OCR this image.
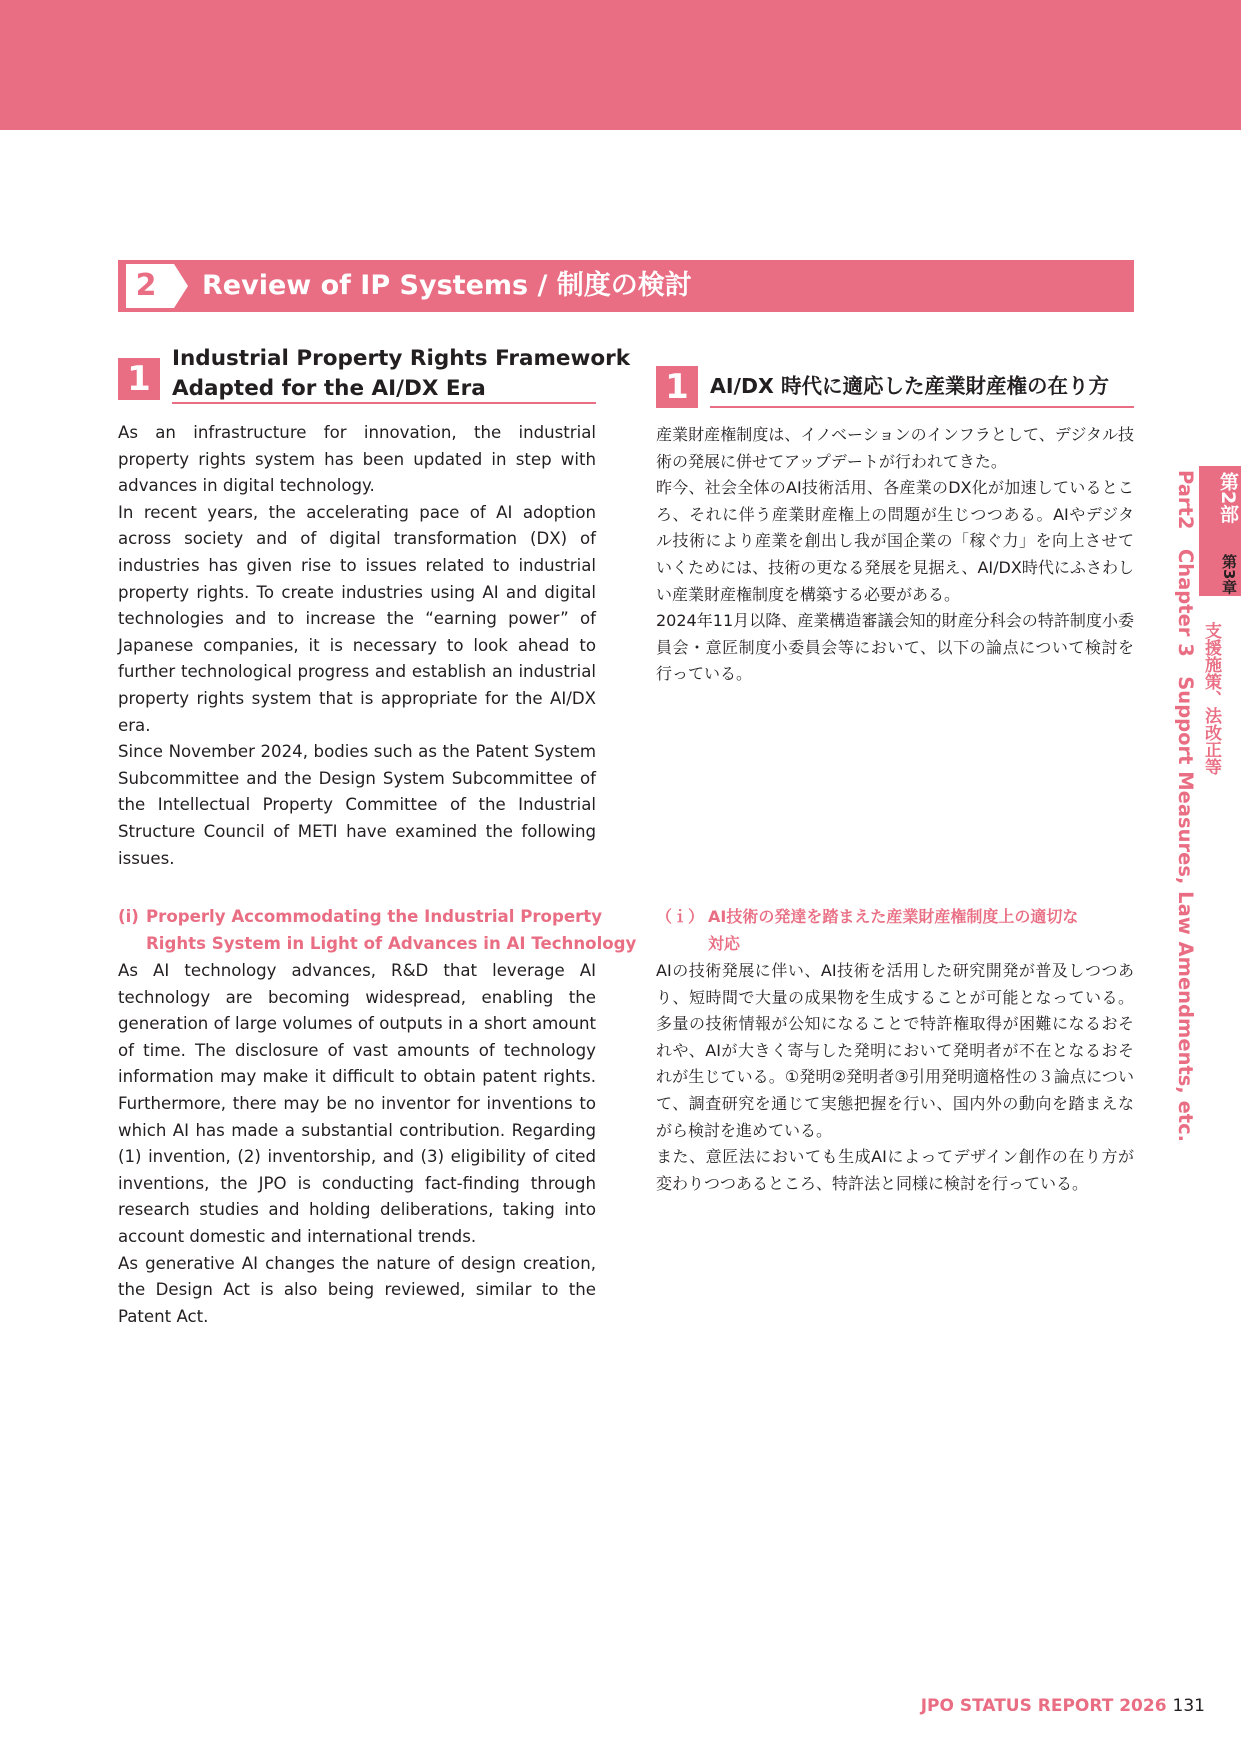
2	Review of IP Systems / 制度の検討
1
Industrial Property Rights Framework
Adapted for the AI/DX Era

As an infrastructure for innovation, the industrial property rights system has been updated in step with advances in digital technology.

In recent years, the accelerating pace of AI adoption across society and of digital transformation (DX) of industries has given rise to issues related to industrial property rights. To create industries using AI and digital technologies and to increase the “earning power” of Japanese companies, it is necessary to look ahead to further technological progress and establish an industrial property rights system that is appropriate for the AI/DX era.

Since November 2024, bodies such as the Patent System Subcommittee and the Design System Subcommittee of the Intellectual Property Committee of the Industrial Structure Council of METI have examined the following issues.

(i) Properly Accommodating the Industrial Property
Rights System in Light of Advances in AI Technology

As AI technology advances, R&D that leverage AI technology are becoming widespread, enabling the generation of large volumes of outputs in a short amount of time. The disclosure of vast amounts of technology information may make it difficult to obtain patent rights. Furthermore, there may be no inventor for inventions to which AI has made a substantial contribution. Regarding (1) invention, (2) inventorship, and (3) eligibility of cited inventions, the JPO is conducting fact-finding through research studies and holding deliberations, taking into account domestic and international trends.

As generative AI changes the nature of design creation, the Design Act is also being reviewed, similar to the Patent Act.

1	AI/DX 時代に適応した産業財産権の在り方

産業財産権制度は、イノベーションのインフラとして、デジタル技術の発展に併せてアップデートが行われてきた。

昨今、社会全体のAI技術活用、各産業のDX化が加速しているところ、それに伴う産業財産権上の問題が生じつつある。AIやデジタル技術により産業を創出し我が国企業の「稼ぐ力」を向上させていくためには、技術の更なる発展を見据え、AI/DX時代にふさわしい産業財産権制度を構築する必要がある。

2024年11月以降、産業構造審議会知的財産分科会の特許制度小委員会・意匠制度小委員会等において、以下の論点について検討を行っている。

（ｉ） AI技術の発達を踏まえた産業財産権制度上の適切な
対応

AIの技術発展に伴い、AI技術を活用した研究開発が普及しつつあり、短時間で大量の成果物を生成することが可能となっている。多量の技術情報が公知になることで特許権取得が困難になるおそれや、AIが大きく寄与した発明において発明者が不在となるおそれが生じている。①発明②発明者③引用発明適格性の３論点について、調査研究を通じて実態把握を行い、国内外の動向を踏まえながら検討を進めている。

また、意匠法においても生成AIによってデザイン創作の在り方が変わりつつあるところ、特許法と同様に検討を行っている。

第2部
第3章
支援施策、法改正等
Part2　Chapter 3　Support Measures, Law Amendments, etc.
JPO STATUS REPORT 2026 131
